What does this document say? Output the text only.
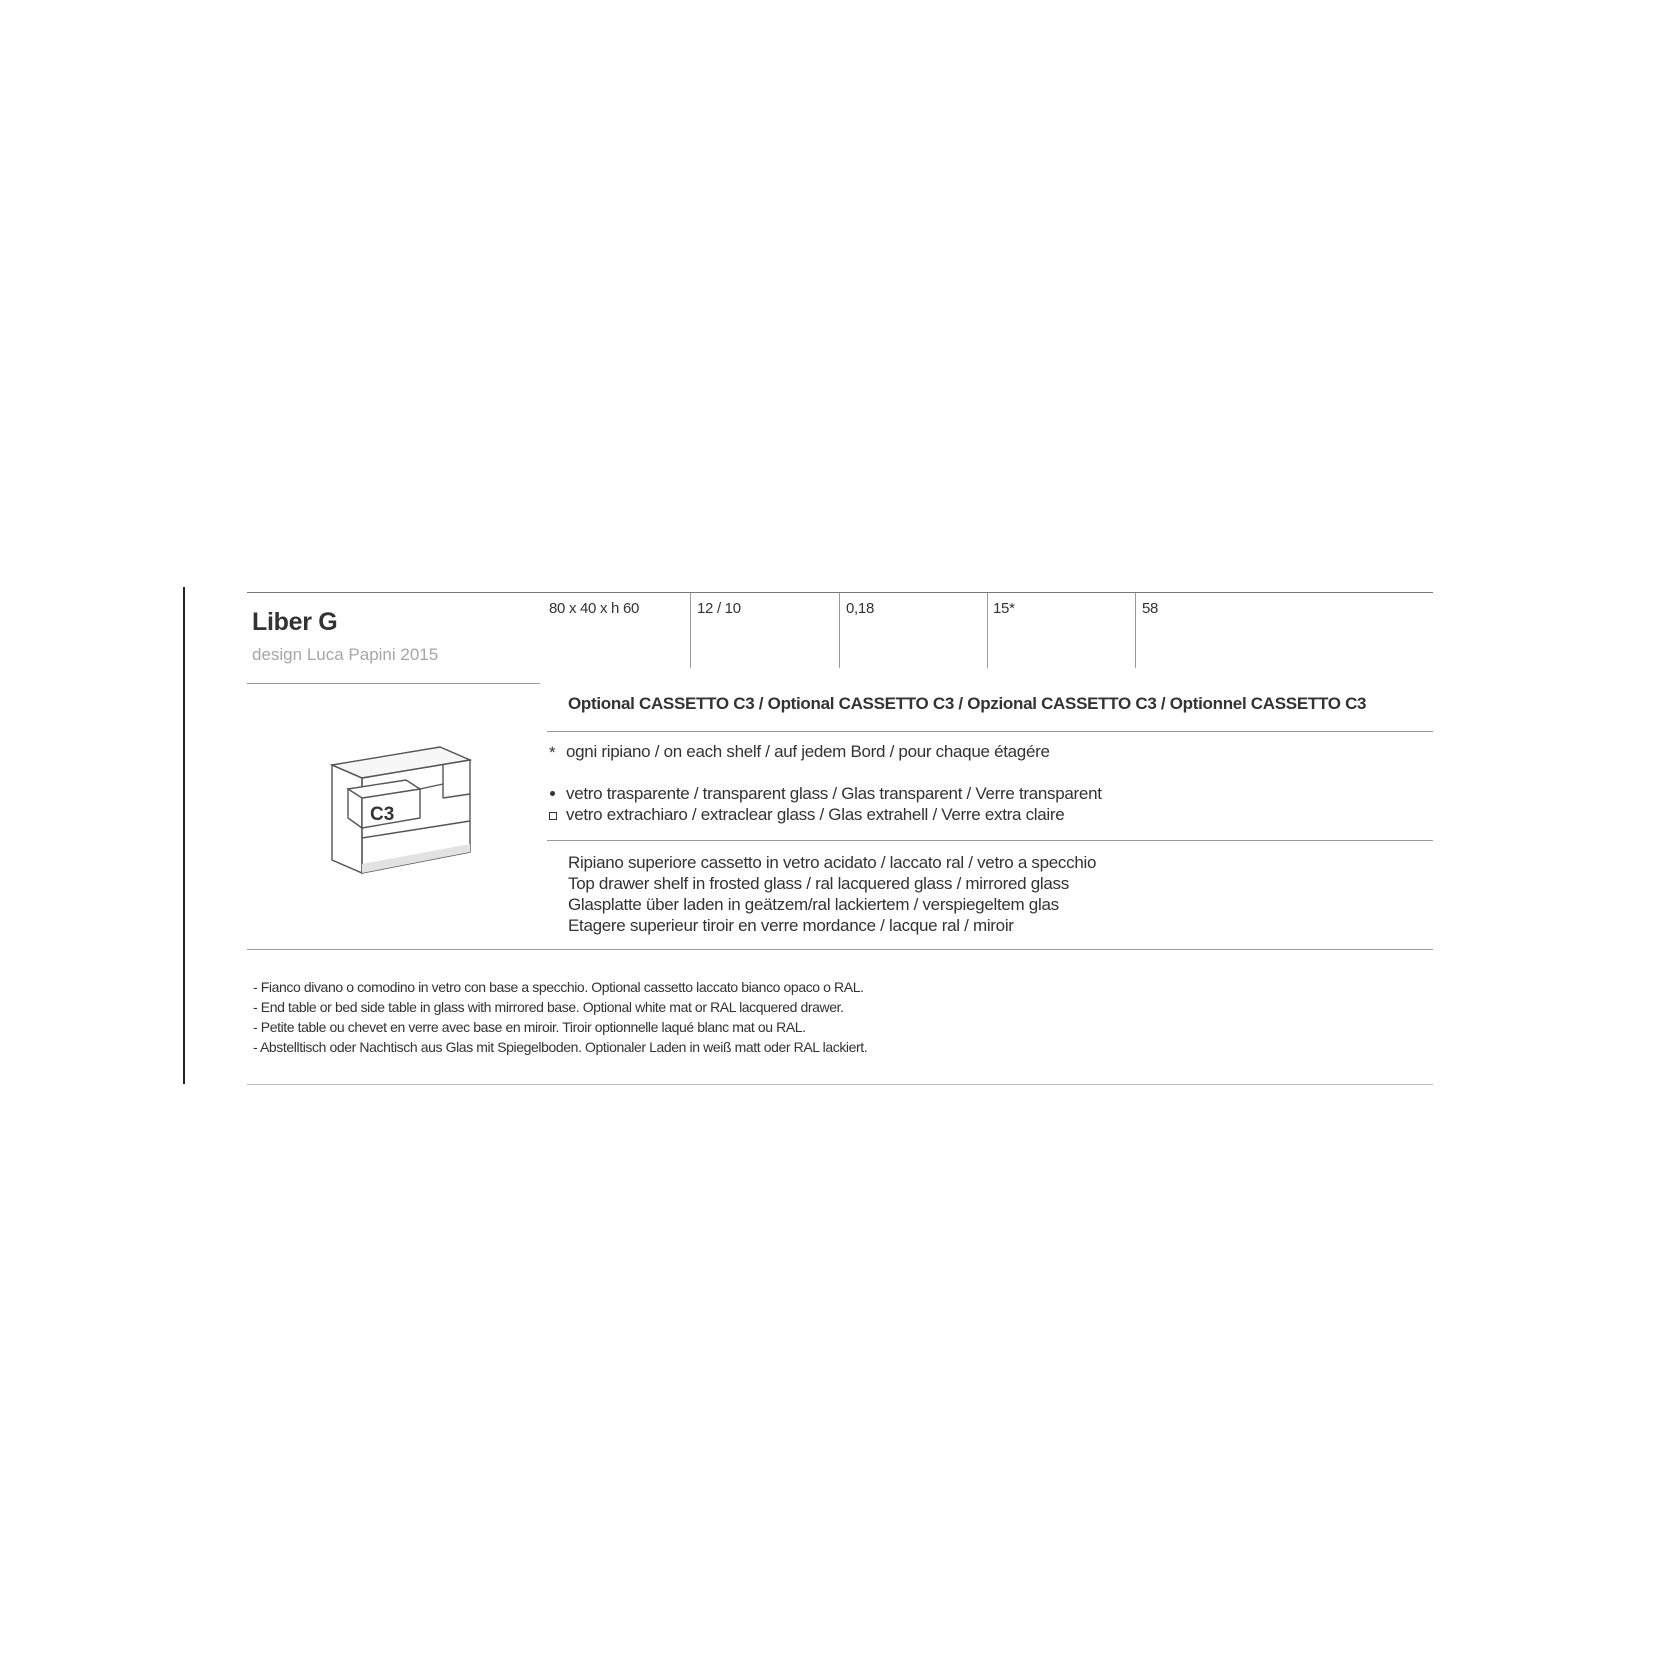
Liber G
design Luca Papini 2015
80 x 40 x h 60	12 / 10	0,18	15*	58
Optional CASSETTO C3 / Optional CASSETTO C3 / Opzional CASSETTO C3 / Optionnel CASSETTO C3
C3
* ogni ripiano / on each shelf / auf jedem Bord / pour chaque étagére
vetro trasparente / transparent glass / Glas transparent / Verre transparent
vetro extrachiaro / extraclear glass / Glas extrahell / Verre extra claire
Ripiano superiore cassetto in vetro acidato / laccato ral / vetro a specchio
Top drawer shelf in frosted glass / ral lacquered glass / mirrored glass
Glasplatte über laden in geätzem/ral lackiertem / verspiegeltem glas
Etagere superieur tiroir en verre mordance / lacque ral / miroir
- Fianco divano o comodino in vetro con base a specchio. Optional cassetto laccato bianco opaco o RAL.
- End table or bed side table in glass with mirrored base. Optional white mat or RAL lacquered drawer.
- Petite table ou chevet en verre avec base en miroir. Tiroir optionnelle laqué blanc mat ou RAL.
- Abstelltisch oder Nachtisch aus Glas mit Spiegelboden. Optionaler Laden in weiß matt oder RAL lackiert.
